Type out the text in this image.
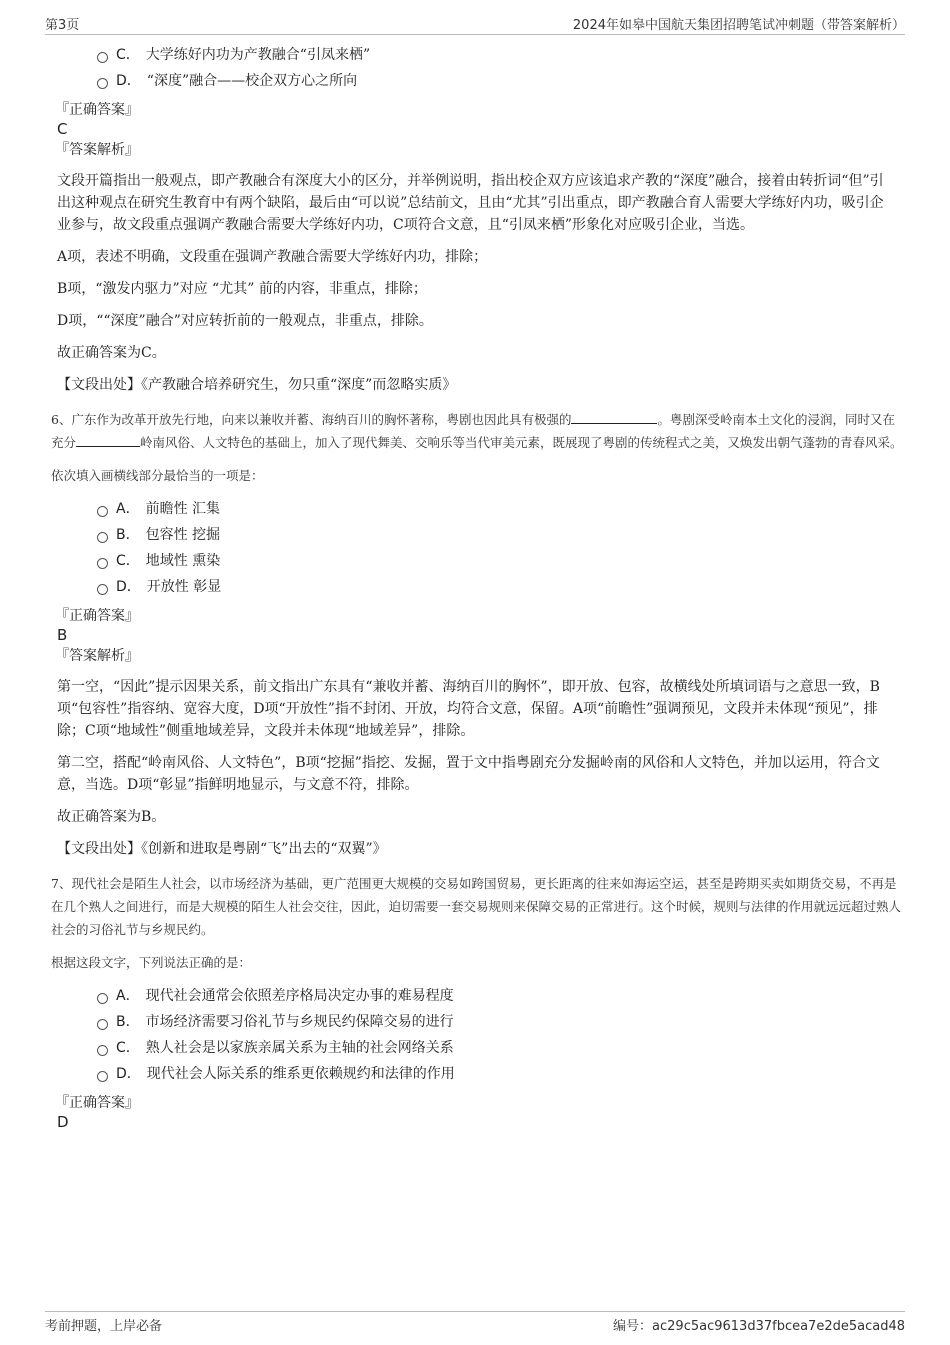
第3页	2024年如皋中国航天集团招聘笔试冲刺题（带答案解析）
C． 大学练好内功为产教融合“引凤来栖”
D． “深度”融合——校企双方心之所向
『正确答案』
C
『答案解析』
文段开篇指出一般观点，即产教融合有深度大小的区分，并举例说明，指出校企双方应该追求产教的“深度”融合，接着由转折词“但”引出这种观点在研究生教育中有两个缺陷，最后由“可以说”总结前文，且由“尤其”引出重点，即产教融合育人需要大学练好内功，吸引企业参与，故文段重点强调产教融合需要大学练好内功，C项符合文意，且“引凤来栖”形象化对应吸引企业，当选。
A项，表述不明确，文段重在强调产教融合需要大学练好内功，排除；
B项，“激发内驱力”对应 “尤其” 前的内容，非重点，排除；
D项，““深度”融合”对应转折前的一般观点，非重点，排除。
故正确答案为C。
【文段出处】《产教融合培养研究生，勿只重“深度”而忽略实质》
6、广东作为改革开放先行地，向来以兼收并蓄、海纳百川的胸怀著称，粤剧也因此具有极强的	。粤剧深受岭南本土文化的浸润，同时又在充分	岭南风俗、人文特色的基础上，加入了现代舞美、交响乐等当代审美元素，既展现了粤剧的传统程式之美，又焕发出朝气蓬勃的青春风采。
依次填入画横线部分最恰当的一项是：
A． 前瞻性 汇集
B． 包容性 挖掘
C． 地域性 熏染
D． 开放性 彰显
『正确答案』
B
『答案解析』
第一空，“因此”提示因果关系，前文指出广东具有“兼收并蓄、海纳百川的胸怀”，即开放、包容，故横线处所填词语与之意思一致，B项“包容性”指容纳、宽容大度，D项“开放性”指不封闭、开放，均符合文意，保留。A项“前瞻性”强调预见，文段并未体现“预见”，排除；C项“地域性”侧重地域差异，文段并未体现“地域差异”，排除。
第二空，搭配“岭南风俗、人文特色”，B项“挖掘”指挖、发掘，置于文中指粤剧充分发掘岭南的风俗和人文特色，并加以运用，符合文意，当选。D项“彰显”指鲜明地显示，与文意不符，排除。
故正确答案为B。
【文段出处】《创新和进取是粤剧“飞”出去的“双翼”》
7、现代社会是陌生人社会，以市场经济为基础，更广范围更大规模的交易如跨国贸易，更长距离的往来如海运空运，甚至是跨期买卖如期货交易，不再是在几个熟人之间进行，而是大规模的陌生人社会交往，因此，迫切需要一套交易规则来保障交易的正常进行。这个时候，规则与法律的作用就远远超过熟人社会的习俗礼节与乡规民约。
根据这段文字，下列说法正确的是：
A． 现代社会通常会依照差序格局决定办事的难易程度
B． 市场经济需要习俗礼节与乡规民约保障交易的进行
C． 熟人社会是以家族亲属关系为主轴的社会网络关系
D． 现代社会人际关系的维系更依赖规约和法律的作用
『正确答案』
D
考前押题，上岸必备	编号：ac29c5ac9613d37fbcea7e2de5acad48
